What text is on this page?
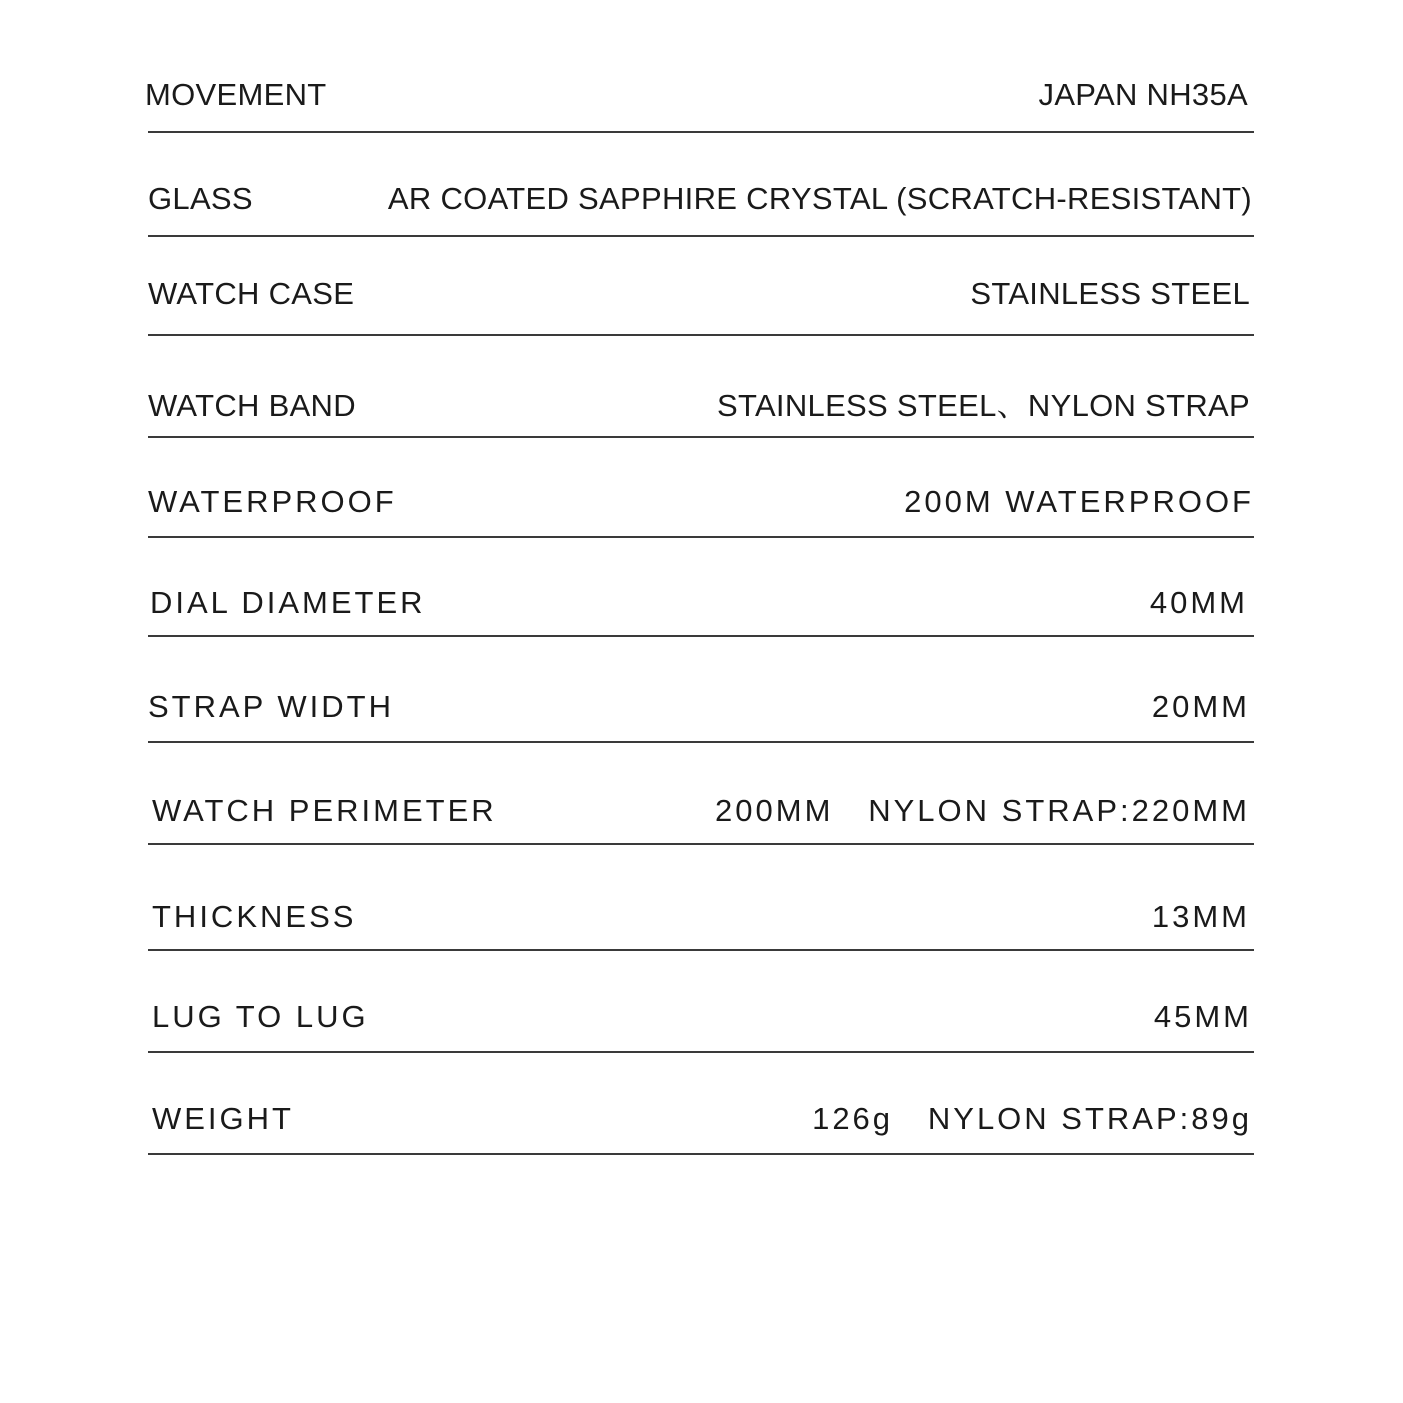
MOVEMENT	JAPAN NH35A
GLASS	AR COATED SAPPHIRE CRYSTAL (SCRATCH-RESISTANT)
WATCH CASE	STAINLESS STEEL
WATCH BAND	STAINLESS STEEL、NYLON STRAP
WATERPROOF	200M WATERPROOF
DIAL DIAMETER	40MM
STRAP WIDTH	20MM
WATCH PERIMETER	200MM   NYLON STRAP:220MM
THICKNESS	13MM
LUG TO LUG	45MM
WEIGHT	126g   NYLON STRAP:89g
